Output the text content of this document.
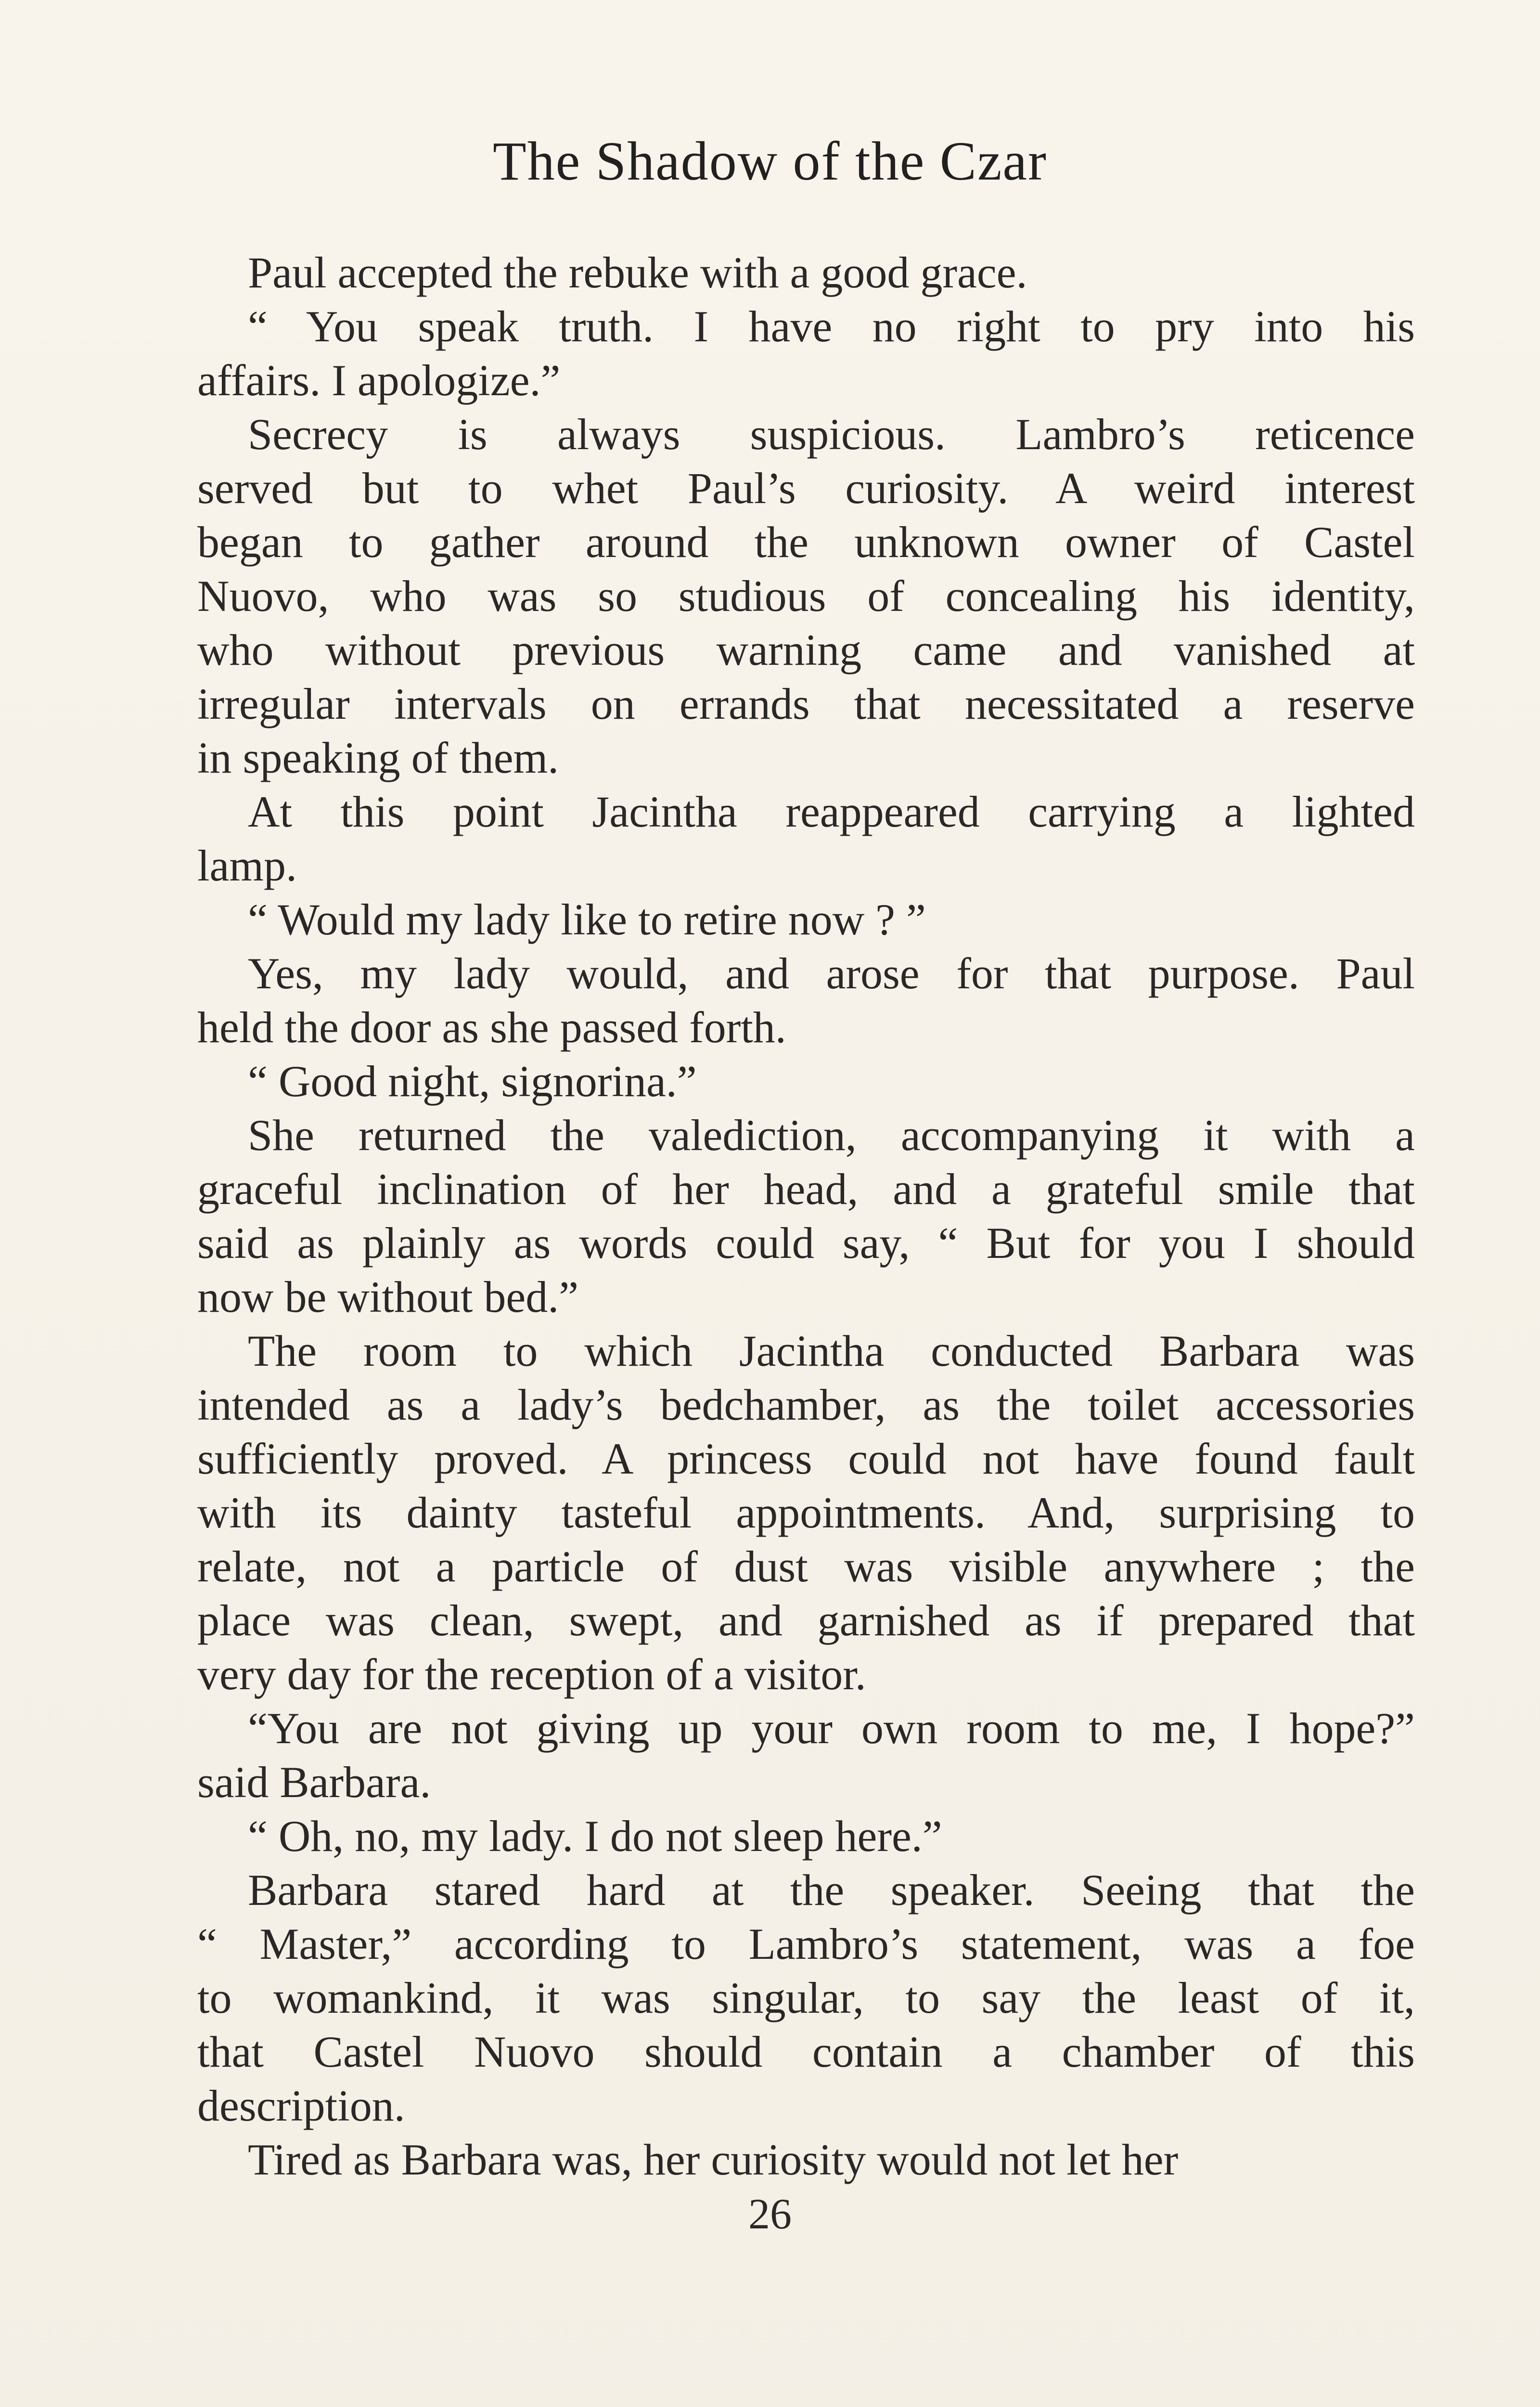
The Shadow of the Czar
Paul accepted the rebuke with a good grace.
“ You speak truth. I have no right to pry into his
affairs. I apologize.”
Secrecy is always suspicious. Lambro’s reticence
served but to whet Paul’s curiosity. A weird interest
began to gather around the unknown owner of Castel
Nuovo, who was so studious of concealing his identity,
who without previous warning came and vanished at
irregular intervals on errands that necessitated a reserve
in speaking of them.
At this point Jacintha reappeared carrying a lighted
lamp.
“ Would my lady like to retire now ? ”
Yes, my lady would, and arose for that purpose. Paul
held the door as she passed forth.
“ Good night, signorina.”
She returned the valediction, accompanying it with a
graceful inclination of her head, and a grateful smile that
said as plainly as words could say, “ But for you I should
now be without bed.”
The room to which Jacintha conducted Barbara was
intended as a lady’s bedchamber, as the toilet accessories
sufficiently proved. A princess could not have found fault
with its dainty tasteful appointments. And, surprising to
relate, not a particle of dust was visible anywhere ; the
place was clean, swept, and garnished as if prepared that
very day for the reception of a visitor.
“You are not giving up your own room to me, I hope?”
said Barbara.
“ Oh, no, my lady. I do not sleep here.”
Barbara stared hard at the speaker. Seeing that the
“ Master,” according to Lambro’s statement, was a foe
to womankind, it was singular, to say the least of it,
that Castel Nuovo should contain a chamber of this
description.
Tired as Barbara was, her curiosity would not let her
26
